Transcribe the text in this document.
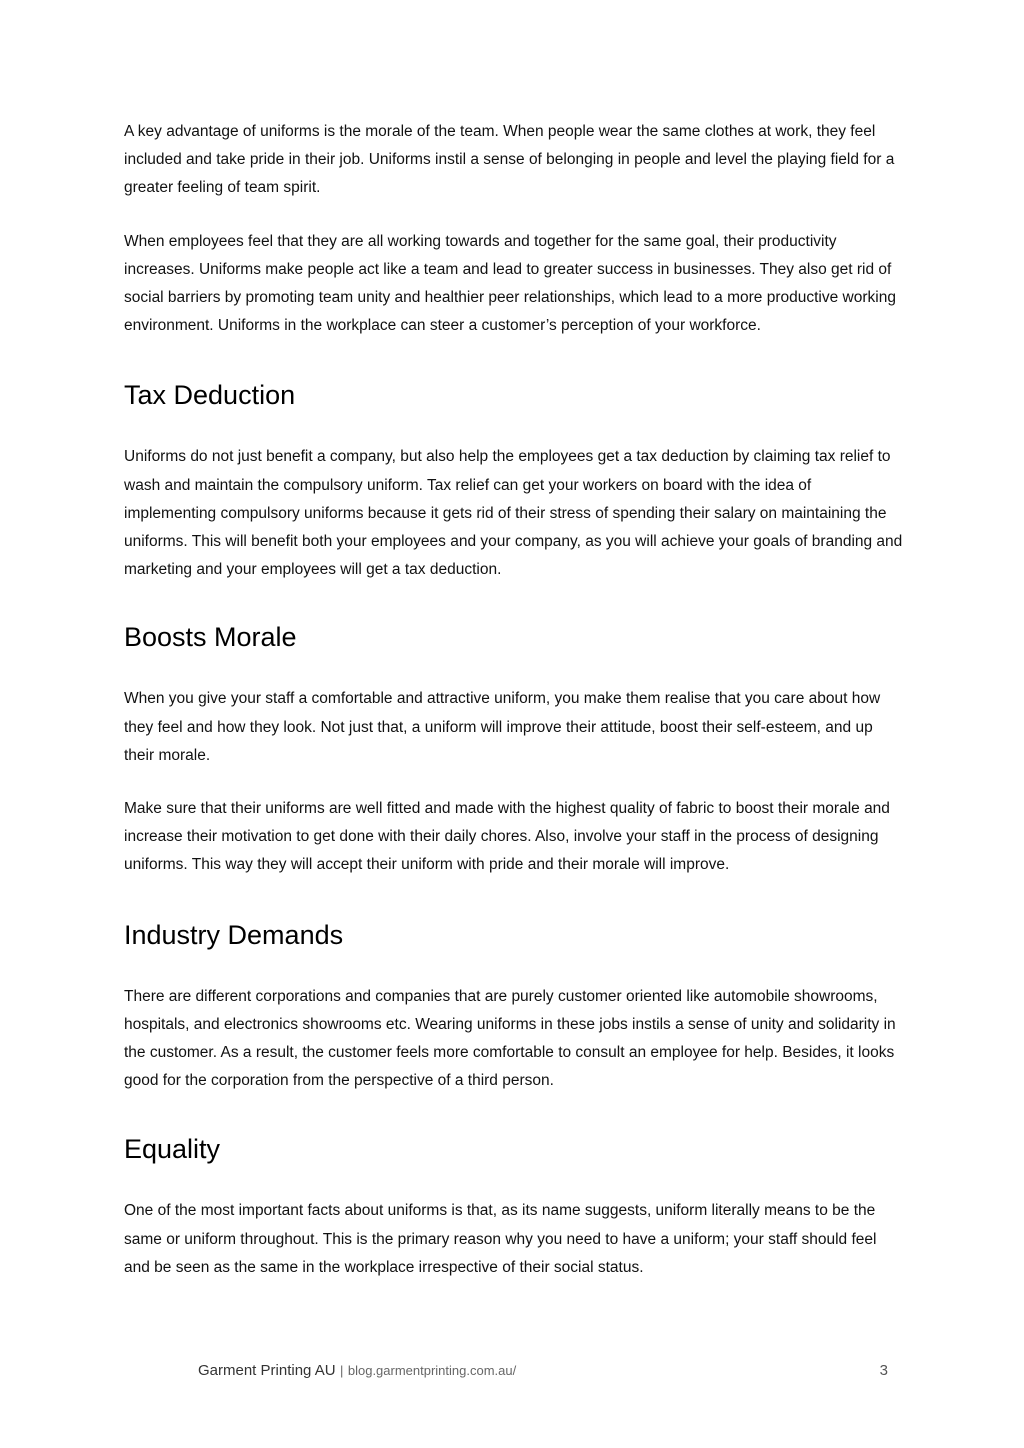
A key advantage of uniforms is the morale of the team. When people wear the same clothes at work, they feel included and take pride in their job. Uniforms instil a sense of belonging in people and level the playing field for a greater feeling of team spirit.

When employees feel that they are all working towards and together for the same goal, their productivity increases. Uniforms make people act like a team and lead to greater success in businesses. They also get rid of social barriers by promoting team unity and healthier peer relationships, which lead to a more productive working environment. Uniforms in the workplace can steer a customer’s perception of your workforce.

Tax Deduction

Uniforms do not just benefit a company, but also help the employees get a tax deduction by claiming tax relief to wash and maintain the compulsory uniform. Tax relief can get your workers on board with the idea of implementing compulsory uniforms because it gets rid of their stress of spending their salary on maintaining the uniforms. This will benefit both your employees and your company, as you will achieve your goals of branding and marketing and your employees will get a tax deduction.

Boosts Morale

When you give your staff a comfortable and attractive uniform, you make them realise that you care about how they feel and how they look. Not just that, a uniform will improve their attitude, boost their self-esteem, and up their morale.

Make sure that their uniforms are well fitted and made with the highest quality of fabric to boost their morale and increase their motivation to get done with their daily chores. Also, involve your staff in the process of designing uniforms. This way they will accept their uniform with pride and their morale will improve.

Industry Demands

There are different corporations and companies that are purely customer oriented like automobile showrooms, hospitals, and electronics showrooms etc. Wearing uniforms in these jobs instils a sense of unity and solidarity in the customer. As a result, the customer feels more comfortable to consult an employee for help. Besides, it looks good for the corporation from the perspective of a third person.

Equality

One of the most important facts about uniforms is that, as its name suggests, uniform literally means to be the same or uniform throughout. This is the primary reason why you need to have a uniform; your staff should feel and be seen as the same in the workplace irrespective of their social status.

Garment Printing AU | blog.garmentprinting.com.au/	3
